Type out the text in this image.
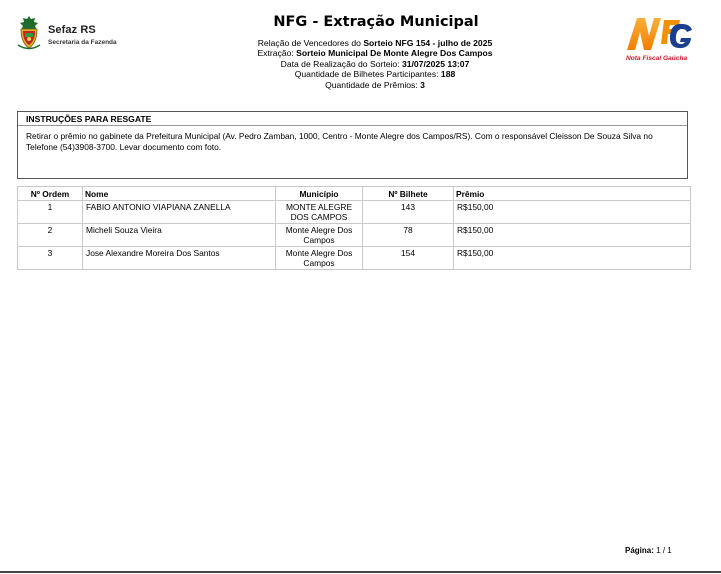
Sefaz RS
Secretaria da Fazenda
NFG - Extração Municipal
Relação de Vencedores do Sorteio NFG 154 - julho de 2025
Extração: Sorteio Municipal De Monte Alegre Dos Campos
Data de Realização do Sorteio: 31/07/2025 13:07
Quantidade de Bilhetes Participantes: 188
Quantidade de Prêmios: 3
Nota Fiscal Gaúcha
INSTRUÇÕES PARA RESGATE
Retirar o prêmio no gabinete da Prefeitura Municipal (Av. Pedro Zamban, 1000, Centro - Monte Alegre dos Campos/RS). Com o responsável Cleisson De Souza Silva no Telefone (54)3908-3700. Levar documento com foto.
Nº Ordem	Nome	Município	Nº Bilhete	Prêmio
1	FABIO ANTONIO VIAPIANA ZANELLA	MONTE ALEGRE DOS CAMPOS	143	R$150,00
2	Micheli Souza Vieira	Monte Alegre Dos Campos	78	R$150,00
3	Jose Alexandre Moreira Dos Santos	Monte Alegre Dos Campos	154	R$150,00
Página: 1 / 1
